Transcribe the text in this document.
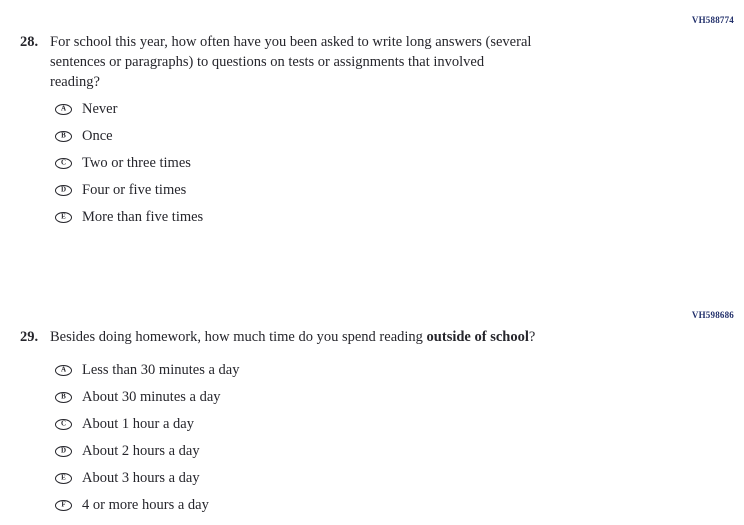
VH588774
28. For school this year, how often have you been asked to write long answers (several
sentences or paragraphs) to questions on tests or assignments that involved
reading?
A Never
B Once
C Two or three times
D Four or five times
E More than five times
VH598686
29. Besides doing homework, how much time do you spend reading outside of school?
A Less than 30 minutes a day
B About 30 minutes a day
C About 1 hour a day
D About 2 hours a day
E About 3 hours a day
F 4 or more hours a day
